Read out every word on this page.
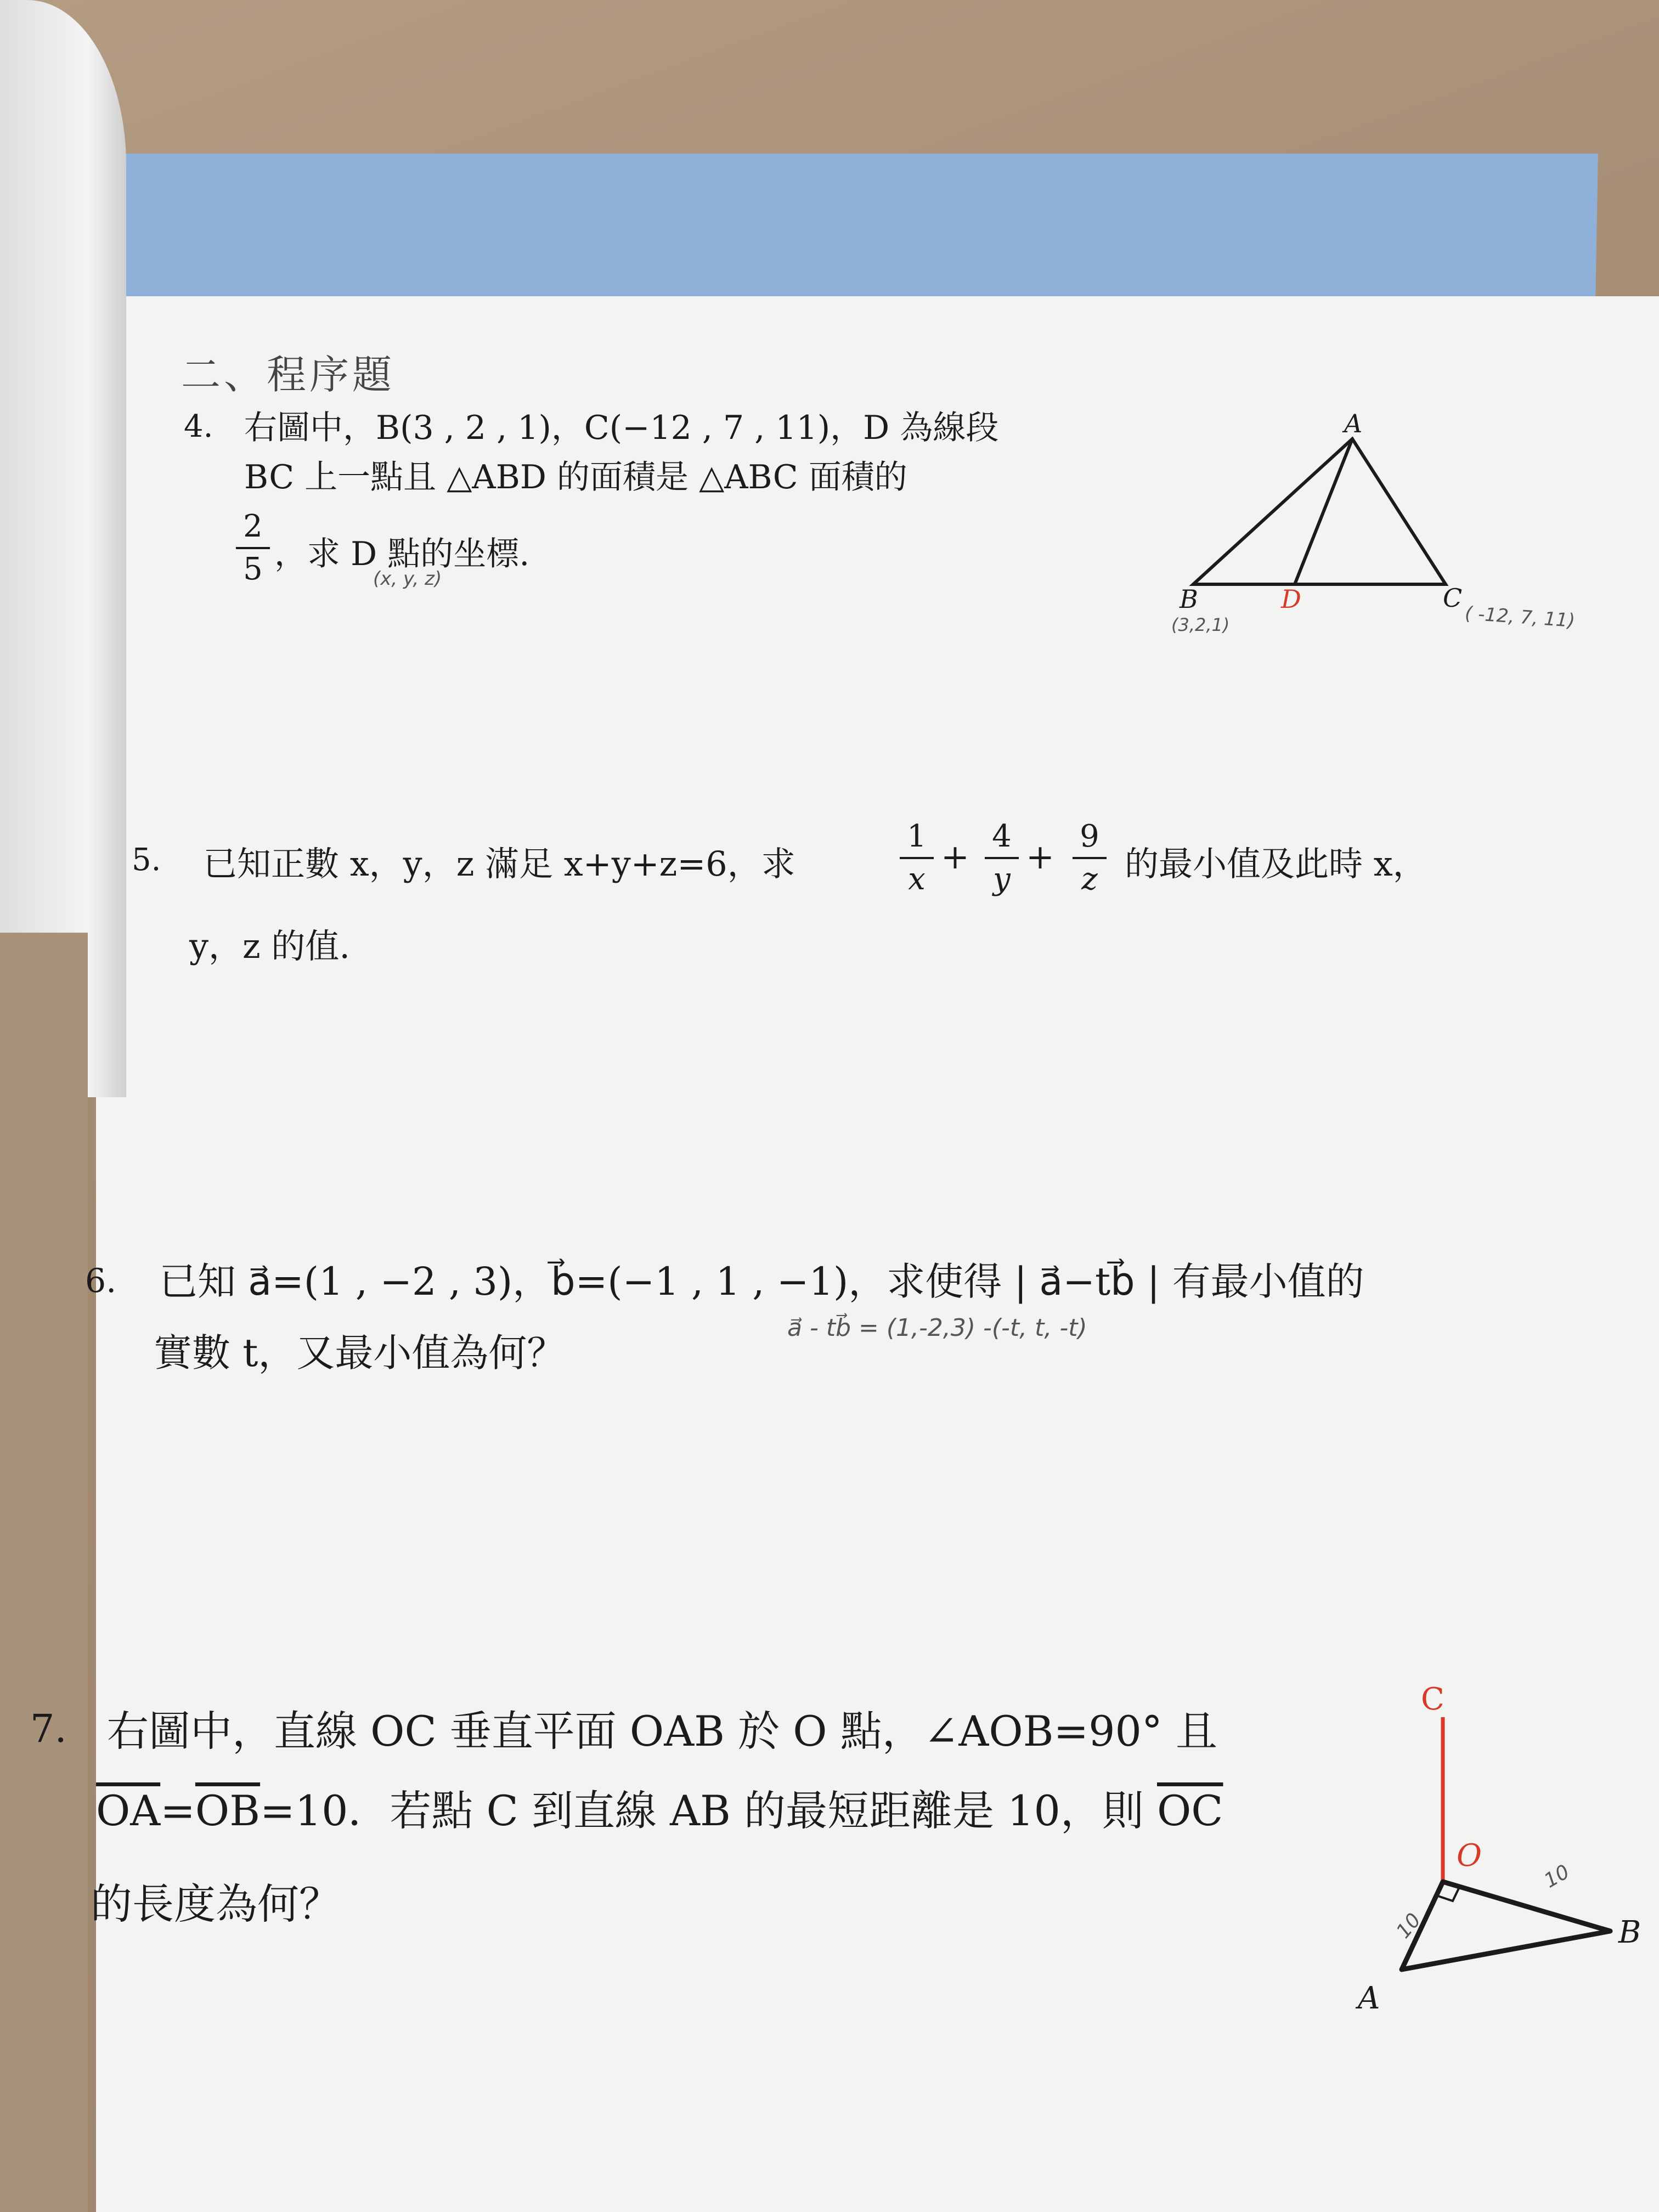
二、程序題
4. 右圖中，B(3 , 2 , 1)，C(−12 , 7 , 11)，D 為線段
BC 上一點且 △ABD 的面積是 △ABC 面積的
2
5 ，求 D 點的坐標.
(x, y, z)
A
B	D	C
(3,2,1)	( -12, 7, 11)
5. 已知正數 x，y，z 滿足 x+y+z=6，求
1
x
+
4
y
+
9
z 的最小值及此時 x，
y，z 的值.
6. 已知 a⃗=(1 , −2 , 3)，b⃗=(−1 , 1 , −1)，求使得 | a⃗−tb⃗ | 有最小值的
實數 t，又最小值為何？
a⃗ - tb⃗ = (1,-2,3) -(-t, t, -t)
7. 右圖中，直線 OC 垂直平面 OAB 於 O 點，∠AOB=90° 且
$\overline{OA}=\overline{OB}=10$．若點 C 到直線 AB 的最短距離是 10，則 $\overline{OC}$
的長度為何？
C
O
A
B
10
10
